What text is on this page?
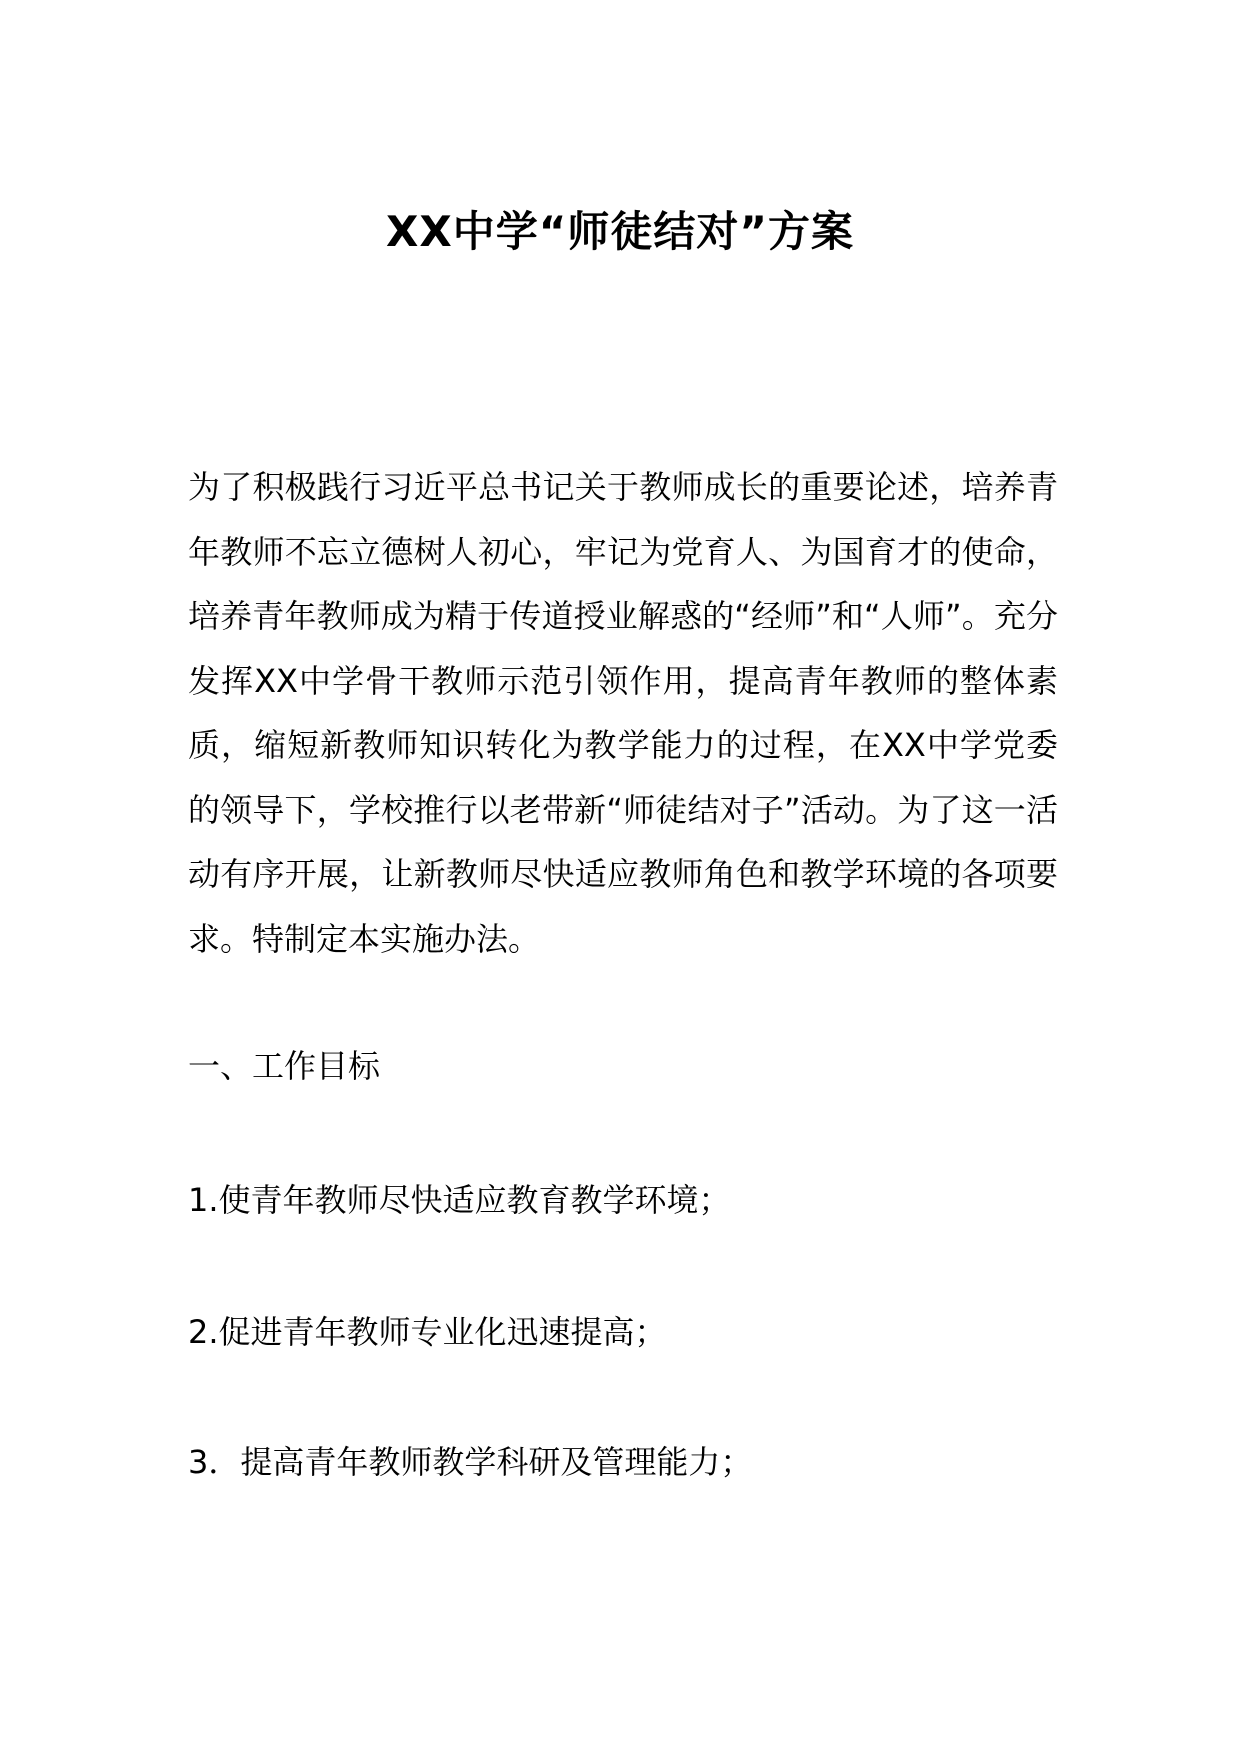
XX中学“师徒结对”方案

为了积极践行习近平总书记关于教师成长的重要论述，培养青年教师不忘立德树人初心，牢记为党育人、为国育才的使命，培养青年教师成为精于传道授业解惑的“经师”和“人师”。充分发挥XX中学骨干教师示范引领作用，提高青年教师的整体素质，缩短新教师知识转化为教学能力的过程，在XX中学党委的领导下，学校推行以老带新“师徒结对子”活动。为了这一活动有序开展，让新教师尽快适应教师角色和教学环境的各项要求。特制定本实施办法。

一、工作目标

1.使青年教师尽快适应教育教学环境；

2.促进青年教师专业化迅速提高；

3．提高青年教师教学科研及管理能力；
